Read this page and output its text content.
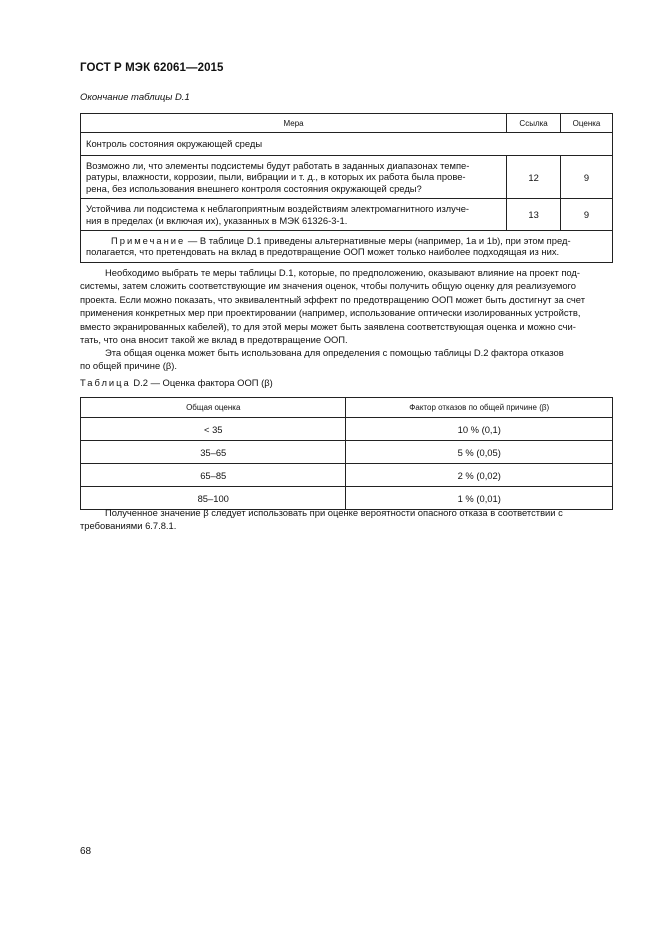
ГОСТ Р МЭК 62061—2015
Окончание таблицы D.1
Мера	Ссылка	Оценка
Контроль состояния окружающей среды		

Возможно ли, что элементы подсистемы будут работать в заданных диапазонах темпе-
ратуры, влажности, коррозии, пыли, вибрации и т. д., в которых их работа была прове-
рена, без использования внешнего контроля состояния окружающей среды?	12	9

Устойчива ли подсистема к неблагоприятным воздействиям электромагнитного излуче-
ния в пределах (и включая их), указанных в МЭК 61326-3-1.	13	9

Примечание — В таблице D.1 приведены альтернативные меры (например, 1a и 1b), при этом пред-
полагается, что претендовать на вклад в предотвращение ООП может только наиболее подходящая из них.		

Необходимо выбрать те меры таблицы D.1, которые, по предположению, оказывают влияние на проект под-

системы, затем сложить соответствующие им значения оценок, чтобы получить общую оценку для реализуемого
проекта. Если можно показать, что эквивалентный эффект по предотвращению ООП может быть достигнут за счет
применения конкретных мер при проектировании (например, использование оптически изолированных устройств,
вместо экранированных кабелей), то для этой меры может быть заявлена соответствующая оценка и можно счи-
тать, что она вносит такой же вклад в предотвращение ООП.

Эта общая оценка может быть использована для определения с помощью таблицы D.2 фактора отказов

по общей причине (β).
Таблица D.2 — Оценка фактора ООП (β)
Общая оценка	Фактор отказов по общей причине (β)
< 35	10 % (0,1)
35–65	5 % (0,05)
65–85	2 % (0,02)
85–100	1 % (0,01)

Полученное значение β следует использовать при оценке вероятности опасного отказа в соответствии с

требованиями 6.7.8.1.
68
